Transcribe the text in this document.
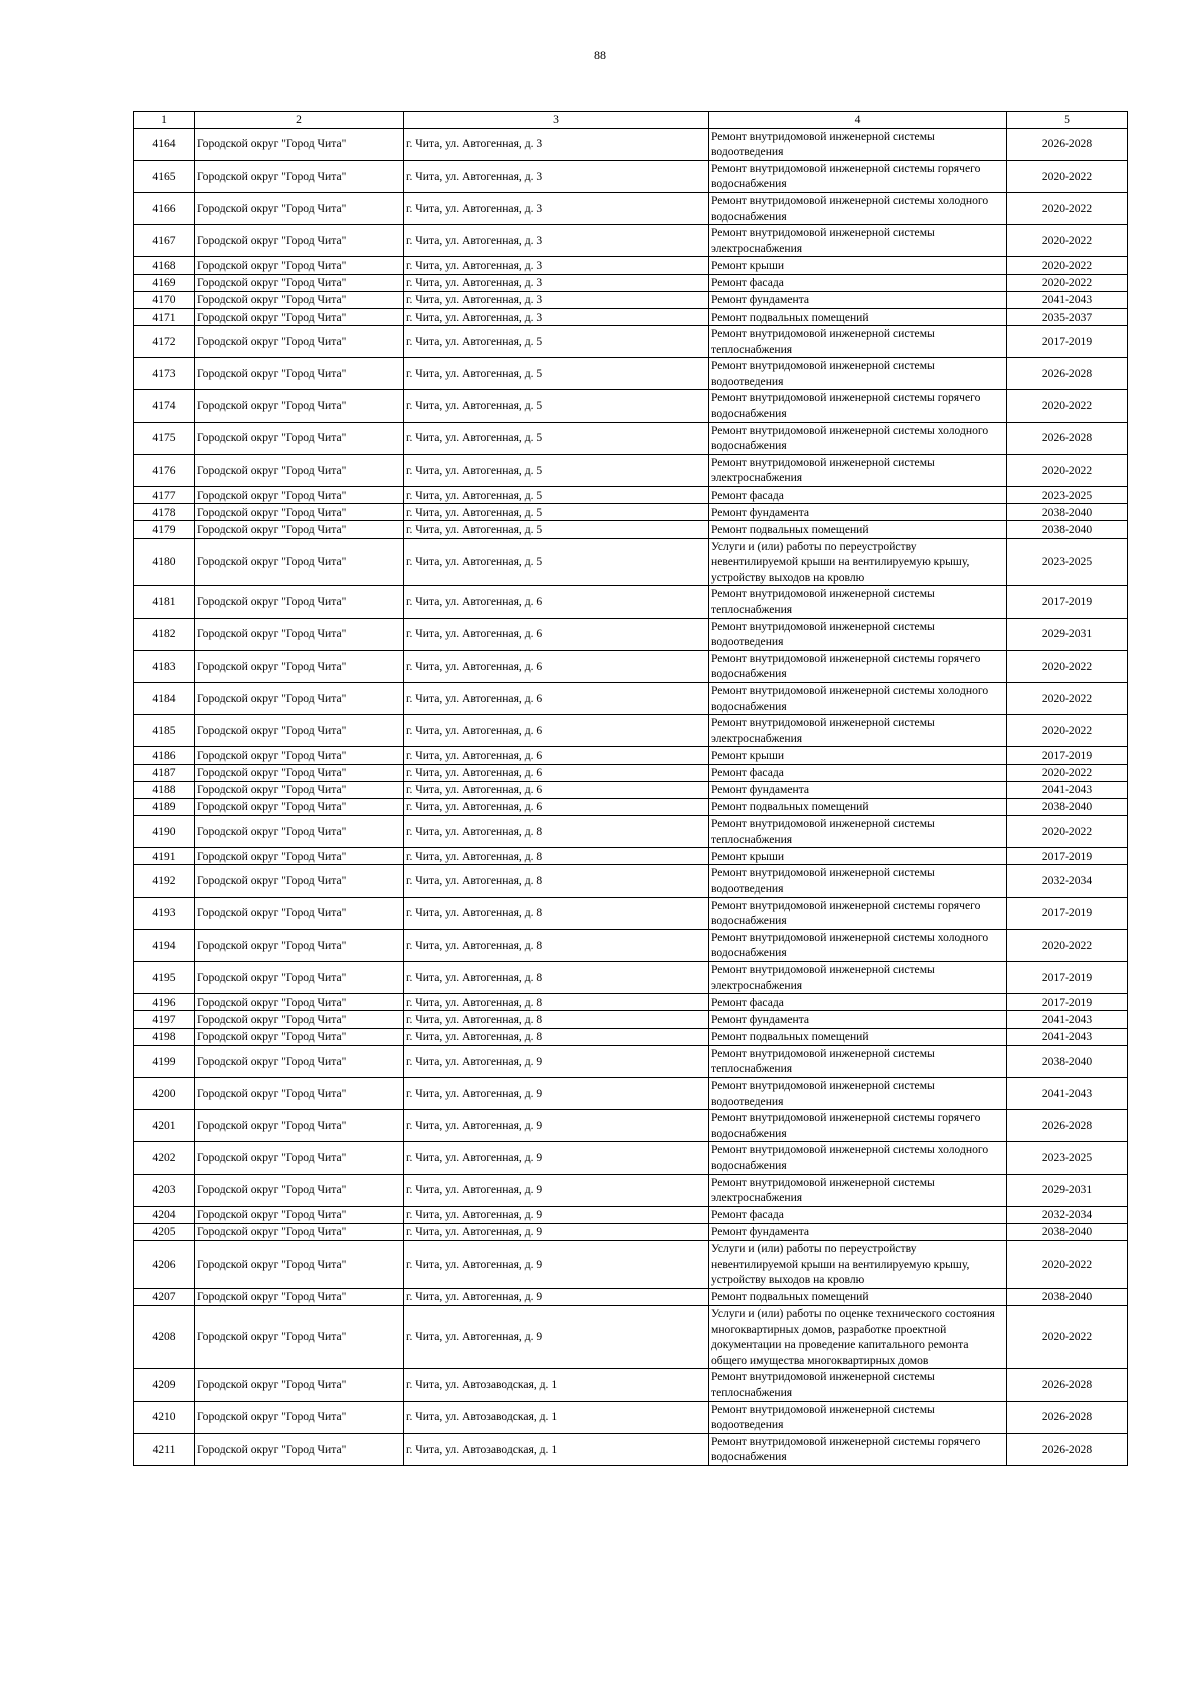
88
1	2	3	4	5
4164	Городской округ "Город Чита"	г. Чита, ул. Автогенная, д. 3	Ремонт внутридомовой инженерной системы водоотведения	2026-2028
4165	Городской округ "Город Чита"	г. Чита, ул. Автогенная, д. 3	Ремонт внутридомовой инженерной системы горячего водоснабжения	2020-2022
4166	Городской округ "Город Чита"	г. Чита, ул. Автогенная, д. 3	Ремонт внутридомовой инженерной системы холодного водоснабжения	2020-2022
4167	Городской округ "Город Чита"	г. Чита, ул. Автогенная, д. 3	Ремонт внутридомовой инженерной системы электроснабжения	2020-2022
4168	Городской округ "Город Чита"	г. Чита, ул. Автогенная, д. 3	Ремонт крыши	2020-2022
4169	Городской округ "Город Чита"	г. Чита, ул. Автогенная, д. 3	Ремонт фасада	2020-2022
4170	Городской округ "Город Чита"	г. Чита, ул. Автогенная, д. 3	Ремонт фундамента	2041-2043
4171	Городской округ "Город Чита"	г. Чита, ул. Автогенная, д. 3	Ремонт подвальных помещений	2035-2037
4172	Городской округ "Город Чита"	г. Чита, ул. Автогенная, д. 5	Ремонт внутридомовой инженерной системы теплоснабжения	2017-2019
4173	Городской округ "Город Чита"	г. Чита, ул. Автогенная, д. 5	Ремонт внутридомовой инженерной системы водоотведения	2026-2028
4174	Городской округ "Город Чита"	г. Чита, ул. Автогенная, д. 5	Ремонт внутридомовой инженерной системы горячего водоснабжения	2020-2022
4175	Городской округ "Город Чита"	г. Чита, ул. Автогенная, д. 5	Ремонт внутридомовой инженерной системы холодного водоснабжения	2026-2028
4176	Городской округ "Город Чита"	г. Чита, ул. Автогенная, д. 5	Ремонт внутридомовой инженерной системы электроснабжения	2020-2022
4177	Городской округ "Город Чита"	г. Чита, ул. Автогенная, д. 5	Ремонт фасада	2023-2025
4178	Городской округ "Город Чита"	г. Чита, ул. Автогенная, д. 5	Ремонт фундамента	2038-2040
4179	Городской округ "Город Чита"	г. Чита, ул. Автогенная, д. 5	Ремонт подвальных помещений	2038-2040
4180	Городской округ "Город Чита"	г. Чита, ул. Автогенная, д. 5	Услуги и (или) работы по переустройству невентилируемой крыши на вентилируемую крышу, устройству выходов на кровлю	2023-2025
4181	Городской округ "Город Чита"	г. Чита, ул. Автогенная, д. 6	Ремонт внутридомовой инженерной системы теплоснабжения	2017-2019
4182	Городской округ "Город Чита"	г. Чита, ул. Автогенная, д. 6	Ремонт внутридомовой инженерной системы водоотведения	2029-2031
4183	Городской округ "Город Чита"	г. Чита, ул. Автогенная, д. 6	Ремонт внутридомовой инженерной системы горячего водоснабжения	2020-2022
4184	Городской округ "Город Чита"	г. Чита, ул. Автогенная, д. 6	Ремонт внутридомовой инженерной системы холодного водоснабжения	2020-2022
4185	Городской округ "Город Чита"	г. Чита, ул. Автогенная, д. 6	Ремонт внутридомовой инженерной системы электроснабжения	2020-2022
4186	Городской округ "Город Чита"	г. Чита, ул. Автогенная, д. 6	Ремонт крыши	2017-2019
4187	Городской округ "Город Чита"	г. Чита, ул. Автогенная, д. 6	Ремонт фасада	2020-2022
4188	Городской округ "Город Чита"	г. Чита, ул. Автогенная, д. 6	Ремонт фундамента	2041-2043
4189	Городской округ "Город Чита"	г. Чита, ул. Автогенная, д. 6	Ремонт подвальных помещений	2038-2040
4190	Городской округ "Город Чита"	г. Чита, ул. Автогенная, д. 8	Ремонт внутридомовой инженерной системы теплоснабжения	2020-2022
4191	Городской округ "Город Чита"	г. Чита, ул. Автогенная, д. 8	Ремонт крыши	2017-2019
4192	Городской округ "Город Чита"	г. Чита, ул. Автогенная, д. 8	Ремонт внутридомовой инженерной системы водоотведения	2032-2034
4193	Городской округ "Город Чита"	г. Чита, ул. Автогенная, д. 8	Ремонт внутридомовой инженерной системы горячего водоснабжения	2017-2019
4194	Городской округ "Город Чита"	г. Чита, ул. Автогенная, д. 8	Ремонт внутридомовой инженерной системы холодного водоснабжения	2020-2022
4195	Городской округ "Город Чита"	г. Чита, ул. Автогенная, д. 8	Ремонт внутридомовой инженерной системы электроснабжения	2017-2019
4196	Городской округ "Город Чита"	г. Чита, ул. Автогенная, д. 8	Ремонт фасада	2017-2019
4197	Городской округ "Город Чита"	г. Чита, ул. Автогенная, д. 8	Ремонт фундамента	2041-2043
4198	Городской округ "Город Чита"	г. Чита, ул. Автогенная, д. 8	Ремонт подвальных помещений	2041-2043
4199	Городской округ "Город Чита"	г. Чита, ул. Автогенная, д. 9	Ремонт внутридомовой инженерной системы теплоснабжения	2038-2040
4200	Городской округ "Город Чита"	г. Чита, ул. Автогенная, д. 9	Ремонт внутридомовой инженерной системы водоотведения	2041-2043
4201	Городской округ "Город Чита"	г. Чита, ул. Автогенная, д. 9	Ремонт внутридомовой инженерной системы горячего водоснабжения	2026-2028
4202	Городской округ "Город Чита"	г. Чита, ул. Автогенная, д. 9	Ремонт внутридомовой инженерной системы холодного водоснабжения	2023-2025
4203	Городской округ "Город Чита"	г. Чита, ул. Автогенная, д. 9	Ремонт внутридомовой инженерной системы электроснабжения	2029-2031
4204	Городской округ "Город Чита"	г. Чита, ул. Автогенная, д. 9	Ремонт фасада	2032-2034
4205	Городской округ "Город Чита"	г. Чита, ул. Автогенная, д. 9	Ремонт фундамента	2038-2040
4206	Городской округ "Город Чита"	г. Чита, ул. Автогенная, д. 9	Услуги и (или) работы по переустройству невентилируемой крыши на вентилируемую крышу, устройству выходов на кровлю	2020-2022
4207	Городской округ "Город Чита"	г. Чита, ул. Автогенная, д. 9	Ремонт подвальных помещений	2038-2040
4208	Городской округ "Город Чита"	г. Чита, ул. Автогенная, д. 9	Услуги и (или) работы по оценке технического состояния многоквартирных домов, разработке проектной документации на проведение капитального ремонта общего имущества многоквартирных домов	2020-2022
4209	Городской округ "Город Чита"	г. Чита, ул. Автозаводская, д. 1	Ремонт внутридомовой инженерной системы теплоснабжения	2026-2028
4210	Городской округ "Город Чита"	г. Чита, ул. Автозаводская, д. 1	Ремонт внутридомовой инженерной системы водоотведения	2026-2028
4211	Городской округ "Город Чита"	г. Чита, ул. Автозаводская, д. 1	Ремонт внутридомовой инженерной системы горячего водоснабжения	2026-2028
